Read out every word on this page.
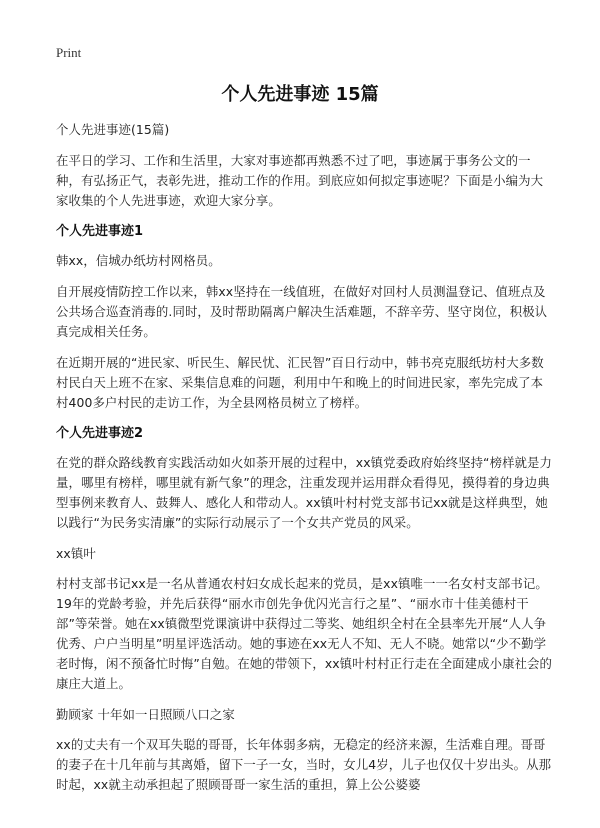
Print
个人先进事迹 15篇

个人先进事迹(15篇)

在平日的学习、工作和生活里，大家对事迹都再熟悉不过了吧，事迹属于事务公文的一种，有弘扬正气，表彰先进，推动工作的作用。到底应如何拟定事迹呢？下面是小编为大家收集的个人先进事迹，欢迎大家分享。

个人先进事迹1

韩xx，信城办纸坊村网格员。

自开展疫情防控工作以来，韩xx坚持在一线值班，在做好对回村人员测温登记、值班点及公共场合巡查消毒的.同时，及时帮助隔离户解决生活难题，不辞辛劳、坚守岗位，积极认真完成相关任务。

在近期开展的“进民家、听民生、解民忧、汇民智”百日行动中，韩书亮克服纸坊村大多数村民白天上班不在家、采集信息难的问题，利用中午和晚上的时间进民家，率先完成了本村400多户村民的走访工作，为全县网格员树立了榜样。

个人先进事迹2

在党的群众路线教育实践活动如火如荼开展的过程中，xx镇党委政府始终坚持“榜样就是力量，哪里有榜样，哪里就有新气象”的理念，注重发现并运用群众看得见，摸得着的身边典型事例来教育人、鼓舞人、感化人和带动人。xx镇叶村村党支部书记xx就是这样典型，她以践行“为民务实清廉”的实际行动展示了一个女共产党员的风采。

xx镇叶

村村支部书记xx是一名从普通农村妇女成长起来的党员，是xx镇唯一一名女村支部书记。19年的党龄考验，并先后获得“丽水市创先争优闪光言行之星”、“丽水市十佳美德村干部”等荣誉。她在xx镇微型党课演讲中获得过二等奖、她组织全村在全县率先开展“人人争优秀、户户当明星”明星评选活动。她的事迹在xx无人不知、无人不晓。她常以“少不勤学老时悔，闲不预备忙时悔”自勉。在她的带领下，xx镇叶村村正行走在全面建成小康社会的康庄大道上。

勤顾家 十年如一日照顾八口之家

xx的丈夫有一个双耳失聪的哥哥，长年体弱多病，无稳定的经济来源，生活难自理。哥哥的妻子在十几年前与其离婚，留下一子一女，当时，女儿4岁，儿子也仅仅十岁出头。从那时起，xx就主动承担起了照顾哥哥一家生活的重担，算上公公婆婆
